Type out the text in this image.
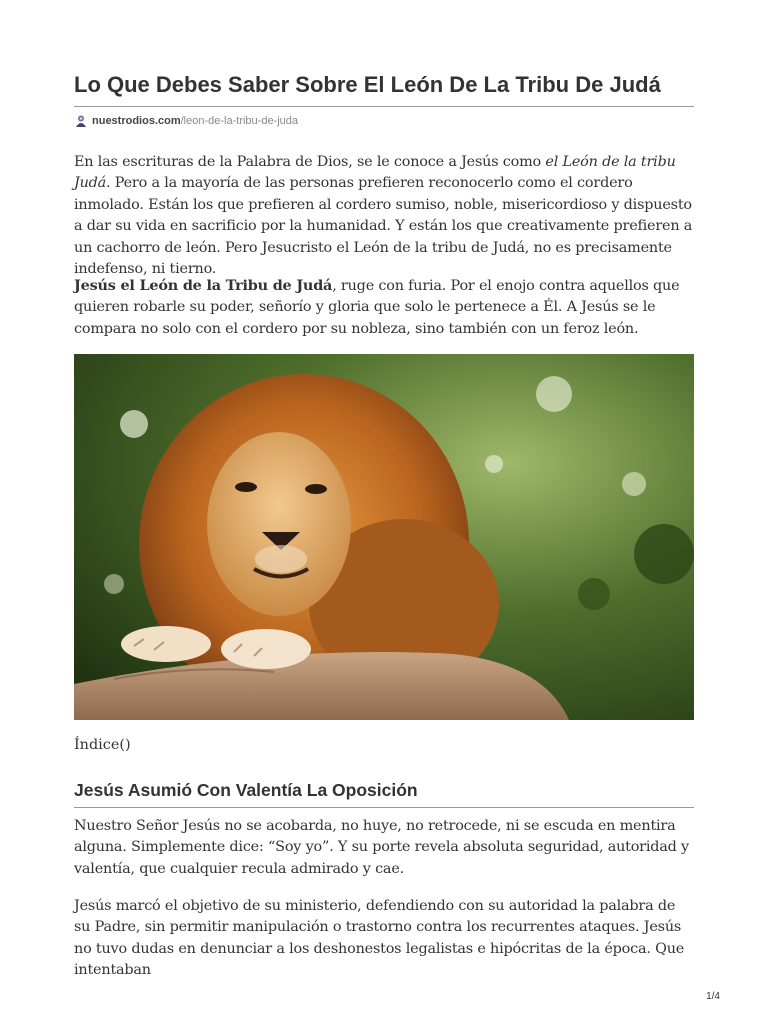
Lo Que Debes Saber Sobre El León De La Tribu De Judá
nuestrodios.com /leon-de-la-tribu-de-juda

En las escrituras de la Palabra de Dios, se le conoce a Jesús como el León de la tribu Judá. Pero a la mayoría de las personas prefieren reconocerlo como el cordero inmolado. Están los que prefieren al cordero sumiso, noble, misericordioso y dispuesto a dar su vida en sacrificio por la humanidad. Y están los que creativamente prefieren a un cachorro de león. Pero Jesucristo el León de la tribu de Judá, no es precisamente indefenso, ni tierno.

Jesús el León de la Tribu de Judá, ruge con furia. Por el enojo contra aquellos que quieren robarle su poder, señorío y gloria que solo le pertenece a Él. A Jesús se le compara no solo con el cordero por su nobleza, sino también con un feroz león.

.
Índice()
Jesús Asumió Con Valentía La Oposición

Nuestro Señor Jesús no se acobarda, no huye, no retrocede, ni se escuda en mentira alguna. Simplemente dice: “Soy yo”. Y su porte revela absoluta seguridad, autoridad y valentía, que cualquier recula admirado y cae.

Jesús marcó el objetivo de su ministerio, defendiendo con su autoridad la palabra de su Padre, sin permitir manipulación o trastorno contra los recurrentes ataques. Jesús no tuvo dudas en denunciar a los deshonestos legalistas e hipócritas de la época. Que intentaban

1/4
